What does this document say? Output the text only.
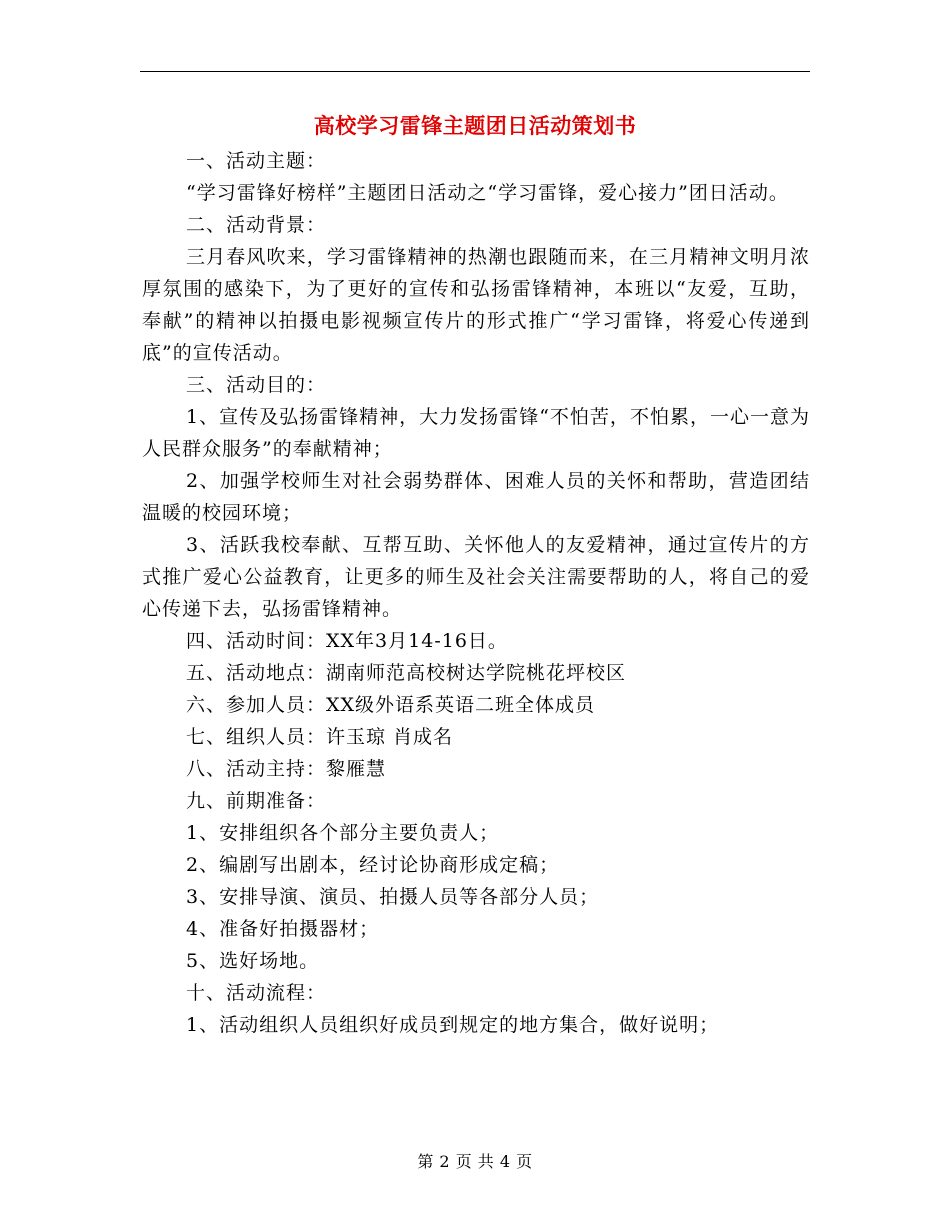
高校学习雷锋主题团日活动策划书

一、活动主题：

“学习雷锋好榜样”主题团日活动之“学习雷锋，爱心接力”团日活动。

二、活动背景：

三月春风吹来，学习雷锋精神的热潮也跟随而来，在三月精神文明月浓厚氛围的感染下，为了更好的宣传和弘扬雷锋精神，本班以“友爱，互助，奉献”的精神以拍摄电影视频宣传片的形式推广“学习雷锋，将爱心传递到底”的宣传活动。

三、活动目的：

1、宣传及弘扬雷锋精神，大力发扬雷锋“不怕苦，不怕累，一心一意为人民群众服务”的奉献精神；

2、加强学校师生对社会弱势群体、困难人员的关怀和帮助，营造团结温暖的校园环境；

3、活跃我校奉献、互帮互助、关怀他人的友爱精神，通过宣传片的方式推广爱心公益教育，让更多的师生及社会关注需要帮助的人，将自己的爱心传递下去，弘扬雷锋精神。

四、活动时间：XX年3月14-16日。

五、活动地点：湖南师范高校树达学院桃花坪校区

六、参加人员：XX级外语系英语二班全体成员

七、组织人员：许玉琼 肖成名

八、活动主持：黎雁慧

九、前期准备：

1、安排组织各个部分主要负责人；

2、编剧写出剧本，经讨论协商形成定稿；

3、安排导演、演员、拍摄人员等各部分人员；

4、准备好拍摄器材；

5、选好场地。

十、活动流程：

1、活动组织人员组织好成员到规定的地方集合，做好说明；

第 2 页 共 4 页
